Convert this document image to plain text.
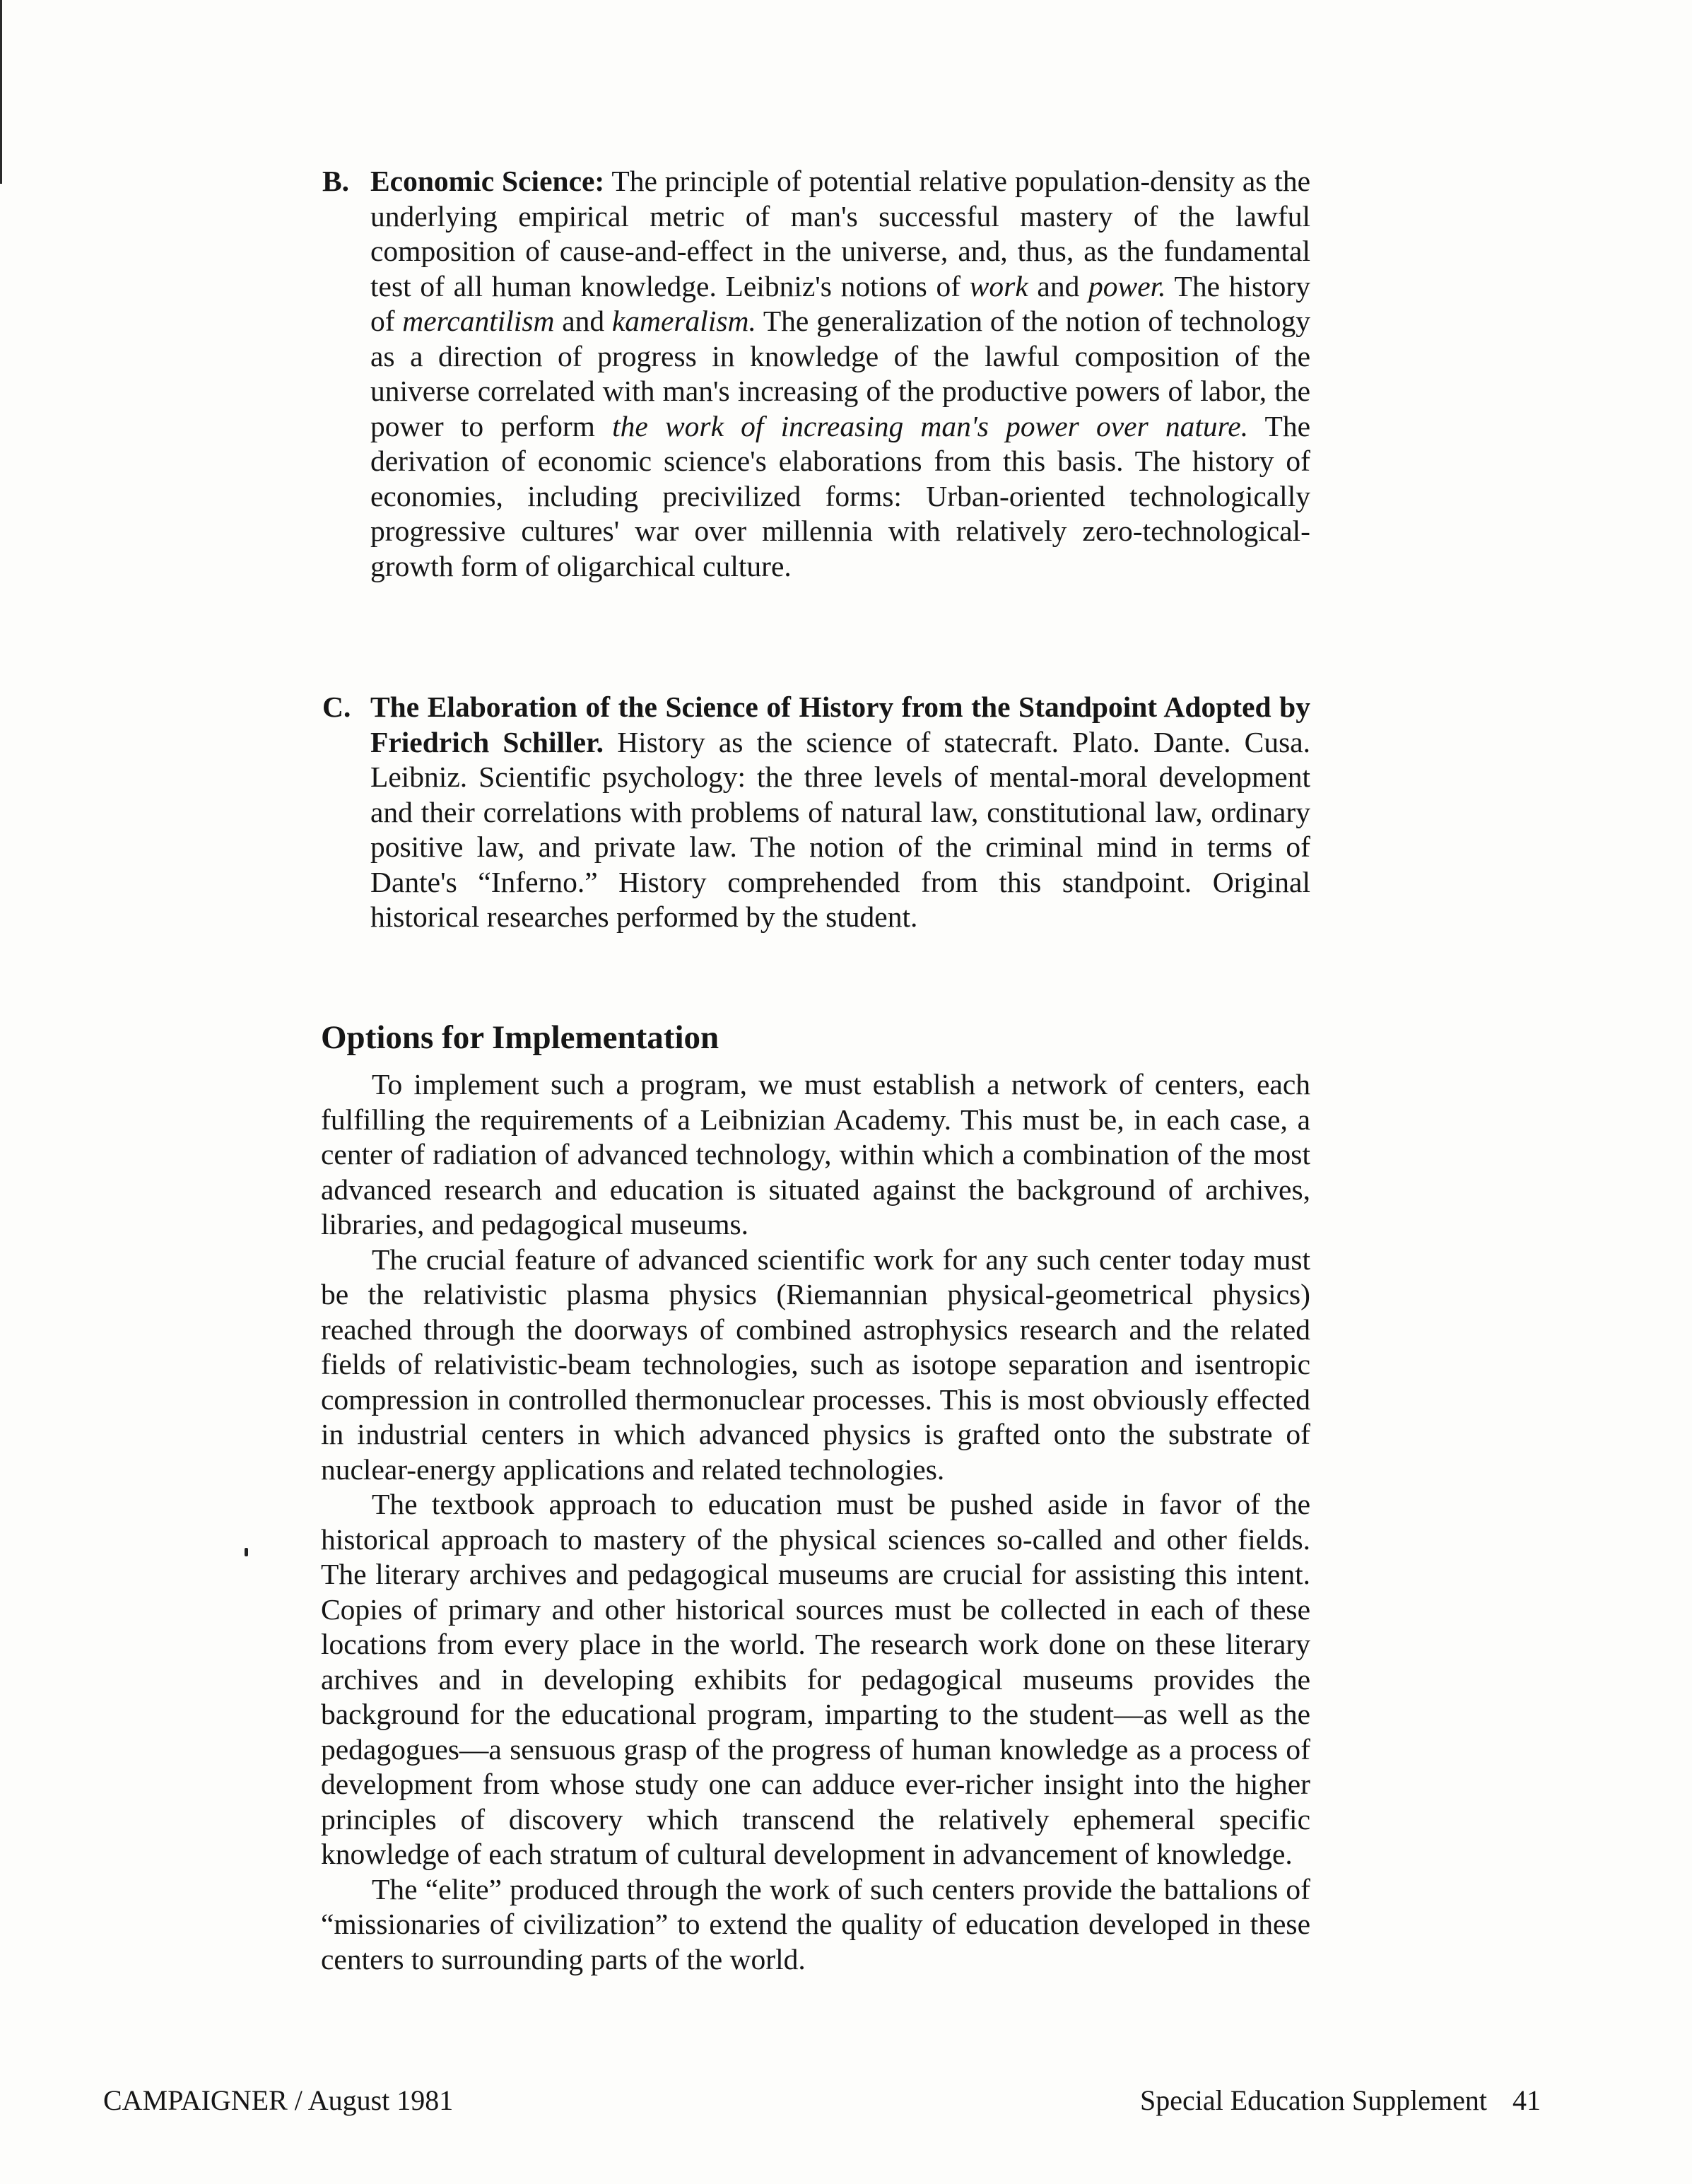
B. Economic Science: The principle of potential relative population-density as the underlying empirical metric of man's successful mastery of the lawful composition of cause-and-effect in the universe, and, thus, as the fundamental test of all human knowledge. Leibniz's notions of work and power. The history of mercantilism and kameralism. The generalization of the notion of technology as a direction of progress in knowledge of the lawful composition of the universe correlated with man's increasing of the productive powers of labor, the power to perform the work of increasing man's power over nature. The derivation of economic science's elaborations from this basis. The history of economies, including precivilized forms: Urban-oriented technologically progressive cultures' war over millennia with relatively zero-technological-growth form of oligarchical culture.
C. The Elaboration of the Science of History from the Standpoint Adopted by Friedrich Schiller. History as the science of statecraft. Plato. Dante. Cusa. Leibniz. Scientific psychology: the three levels of mental-moral development and their correlations with problems of natural law, constitutional law, ordinary positive law, and private law. The notion of the criminal mind in terms of Dante's “Inferno.” History comprehended from this standpoint. Original historical researches performed by the student.
Options for Implementation

To implement such a program, we must establish a network of centers, each fulfilling the requirements of a Leibnizian Academy. This must be, in each case, a center of radiation of advanced technology, within which a combination of the most advanced research and education is situated against the background of archives, libraries, and pedagogical museums.

The crucial feature of advanced scientific work for any such center today must be the relativistic plasma physics (Riemannian physical-geometrical physics) reached through the doorways of combined astrophysics research and the related fields of relativistic-beam technologies, such as isotope separation and isentropic compression in controlled thermonuclear processes. This is most obviously effected in industrial centers in which advanced physics is grafted onto the substrate of nuclear-energy applications and related technologies.

The textbook approach to education must be pushed aside in favor of the historical approach to mastery of the physical sciences so-called and other fields. The literary archives and pedagogical museums are crucial for assisting this intent. Copies of primary and other historical sources must be collected in each of these locations from every place in the world. The research work done on these literary archives and in developing exhibits for pedagogical museums provides the background for the educational program, imparting to the student—as well as the pedagogues—a sensuous grasp of the progress of human knowledge as a process of development from whose study one can adduce ever-richer insight into the higher principles of discovery which transcend the relatively ephemeral specific knowledge of each stratum of cultural development in advancement of knowledge.

The “elite” produced through the work of such centers provide the battalions of “missionaries of civilization” to extend the quality of education developed in these centers to surrounding parts of the world.

CAMPAIGNER / August 1981	Special Education Supplement 41
